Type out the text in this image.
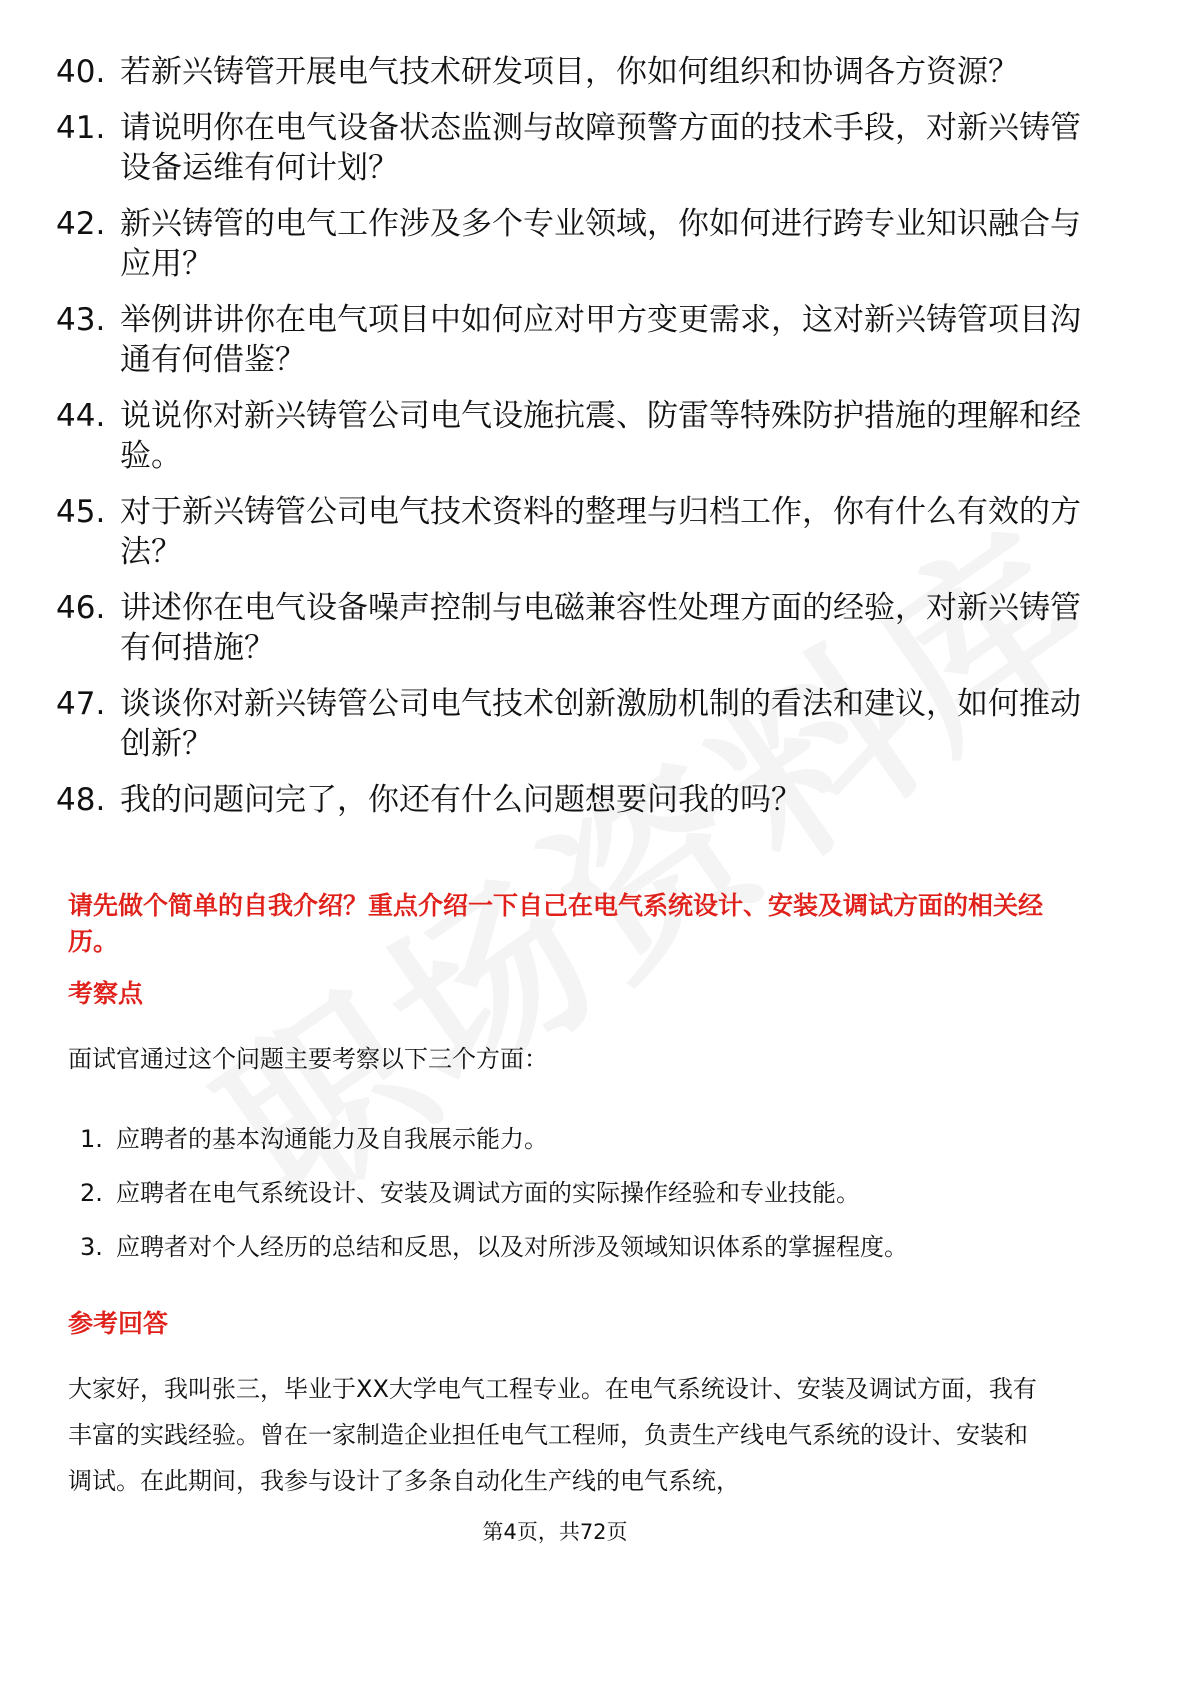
40. 若新兴铸管开展电气技术研发项目，你如何组织和协调各方资源？
41. 请说明你在电气设备状态监测与故障预警方面的技术手段，对新兴铸管设备运维有何计划？
42. 新兴铸管的电气工作涉及多个专业领域，你如何进行跨专业知识融合与应用？
43. 举例讲讲你在电气项目中如何应对甲方变更需求，这对新兴铸管项目沟通有何借鉴？
44. 说说你对新兴铸管公司电气设施抗震、防雷等特殊防护措施的理解和经验。
45. 对于新兴铸管公司电气技术资料的整理与归档工作，你有什么有效的方法？
46. 讲述你在电气设备噪声控制与电磁兼容性处理方面的经验，对新兴铸管有何措施？
47. 谈谈你对新兴铸管公司电气技术创新激励机制的看法和建议，如何推动创新？
48. 我的问题问完了，你还有什么问题想要问我的吗？
请先做个简单的自我介绍？重点介绍一下自己在电气系统设计、安装及调试方面的相关经历。
考察点
面试官通过这个问题主要考察以下三个方面：
1. 应聘者的基本沟通能力及自我展示能力。
2. 应聘者在电气系统设计、安装及调试方面的实际操作经验和专业技能。
3. 应聘者对个人经历的总结和反思，以及对所涉及领域知识体系的掌握程度。
参考回答
大家好，我叫张三，毕业于XX大学电气工程专业。在电气系统设计、安装及调试方面，我有丰富的实践经验。曾在一家制造企业担任电气工程师，负责生产线电气系统的设计、安装和调试。在此期间，我参与设计了多条自动化生产线的电气系统，
第4页，共72页
